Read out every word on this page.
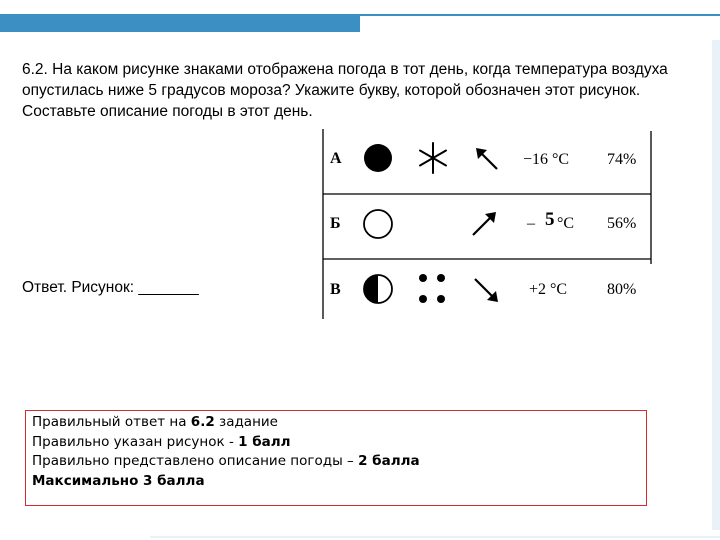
6.2. На каком рисунке знаками отображена погода в тот день, когда температура воздуха опустилась ниже 5 градусов мороза? Укажите букву, которой обозначен этот рисунок. Составьте описание погоды в этот день.
Ответ. Рисунок: _______
А	−16 °С 74%
Б	– 5 °С 56%
В	+2 °С 80%
Правильный ответ на 6.2 задание
Правильно указан рисунок - 1 балл
Правильно представлено описание погоды – 2 балла
Максимально 3 балла
